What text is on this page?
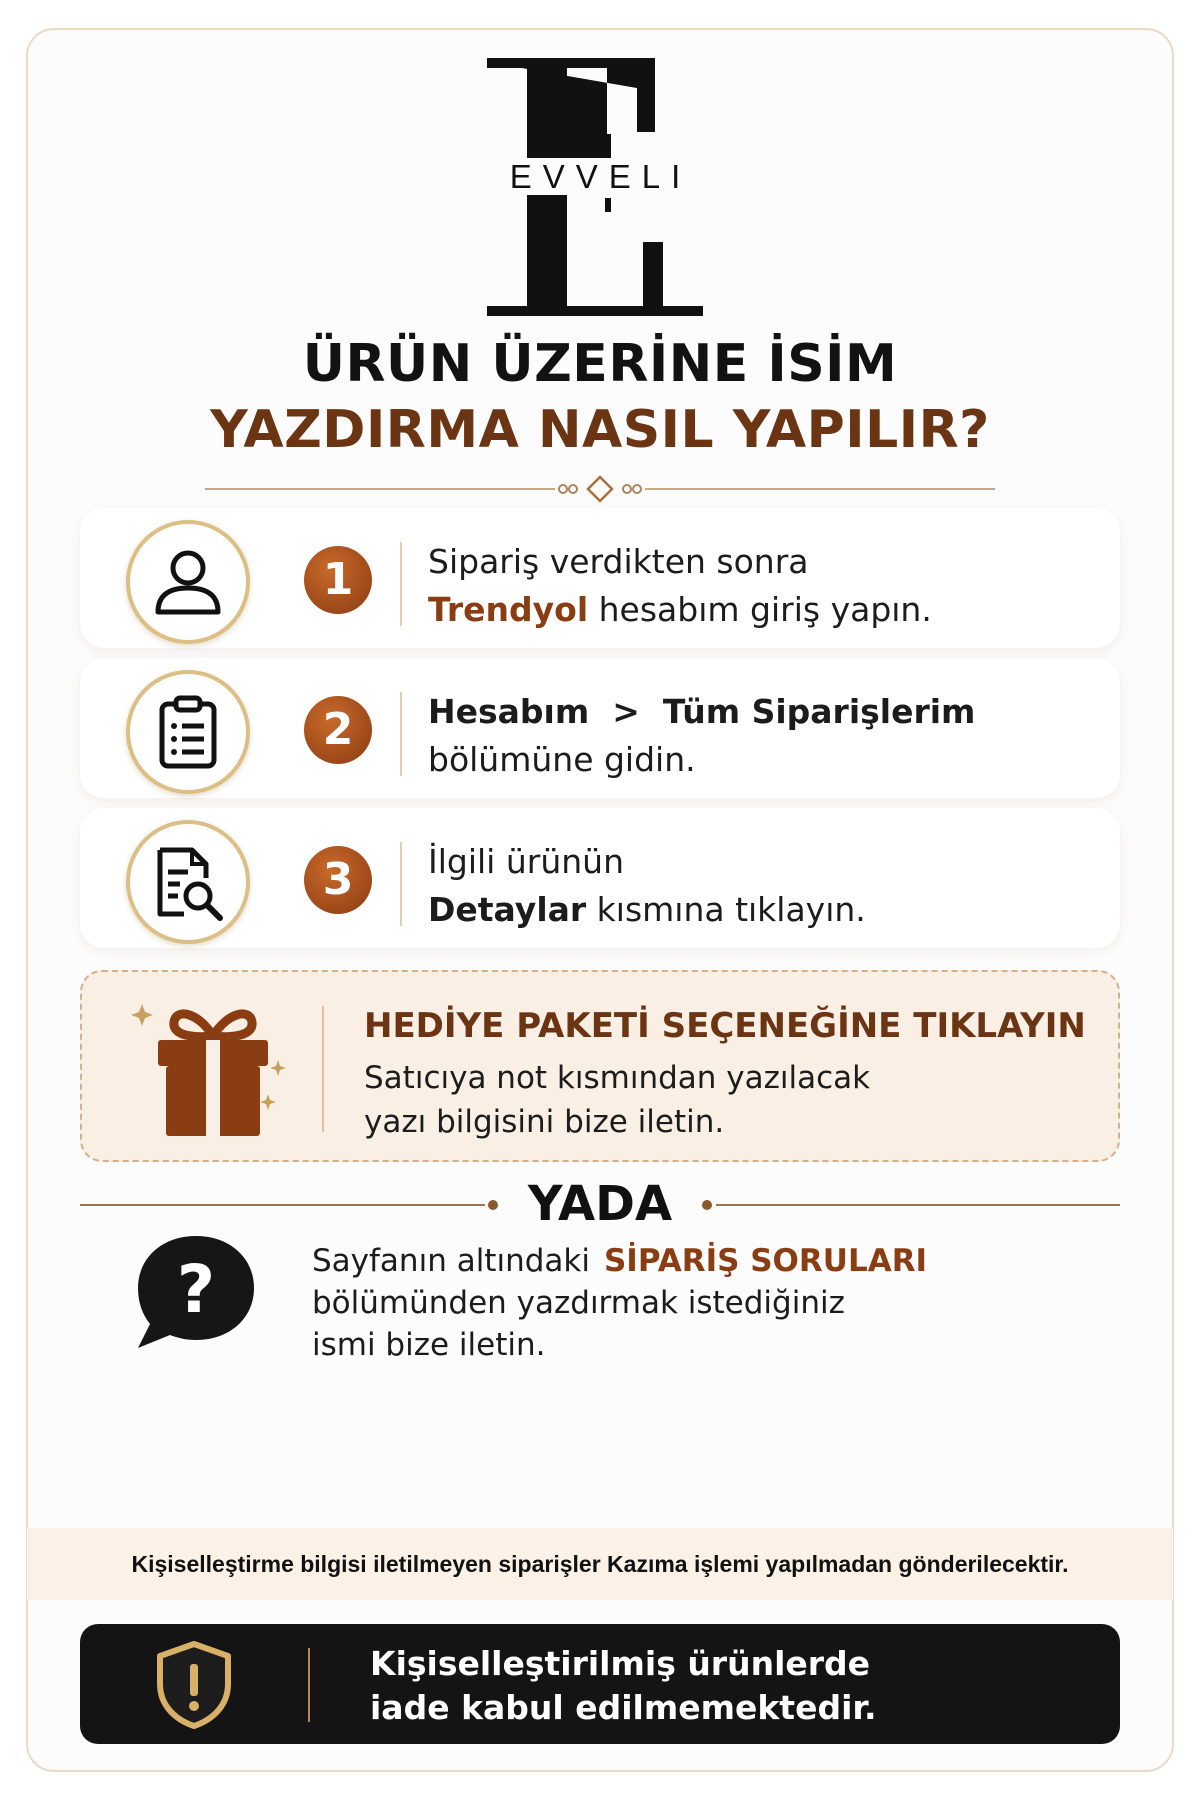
EVVELI
ÜRÜN ÜZERİNE İSİM
YAZDIRMA NASIL YAPILIR?
1	Sipariş verdikten sonra
Trendyol hesabım giriş yapın.
2	Hesabım  >  Tüm Siparişlerim
bölümüne gidin.
3	İlgili ürünün
Detaylar kısmına tıklayın.
HEDİYE PAKETİ SEÇENEĞİNE TIKLAYIN
Satıcıya not kısmından yazılacak
yazı bilgisini bize iletin.
YADA
?	Sayfanın altındaki SİPARİŞ SORULARI
bölümünden yazdırmak istediğiniz
ismi bize iletin.
Kişiselleştirme bilgisi iletilmeyen siparişler Kazıma işlemi yapılmadan gönderilecektir.
Kişiselleştirilmiş ürünlerde
iade kabul edilmemektedir.
